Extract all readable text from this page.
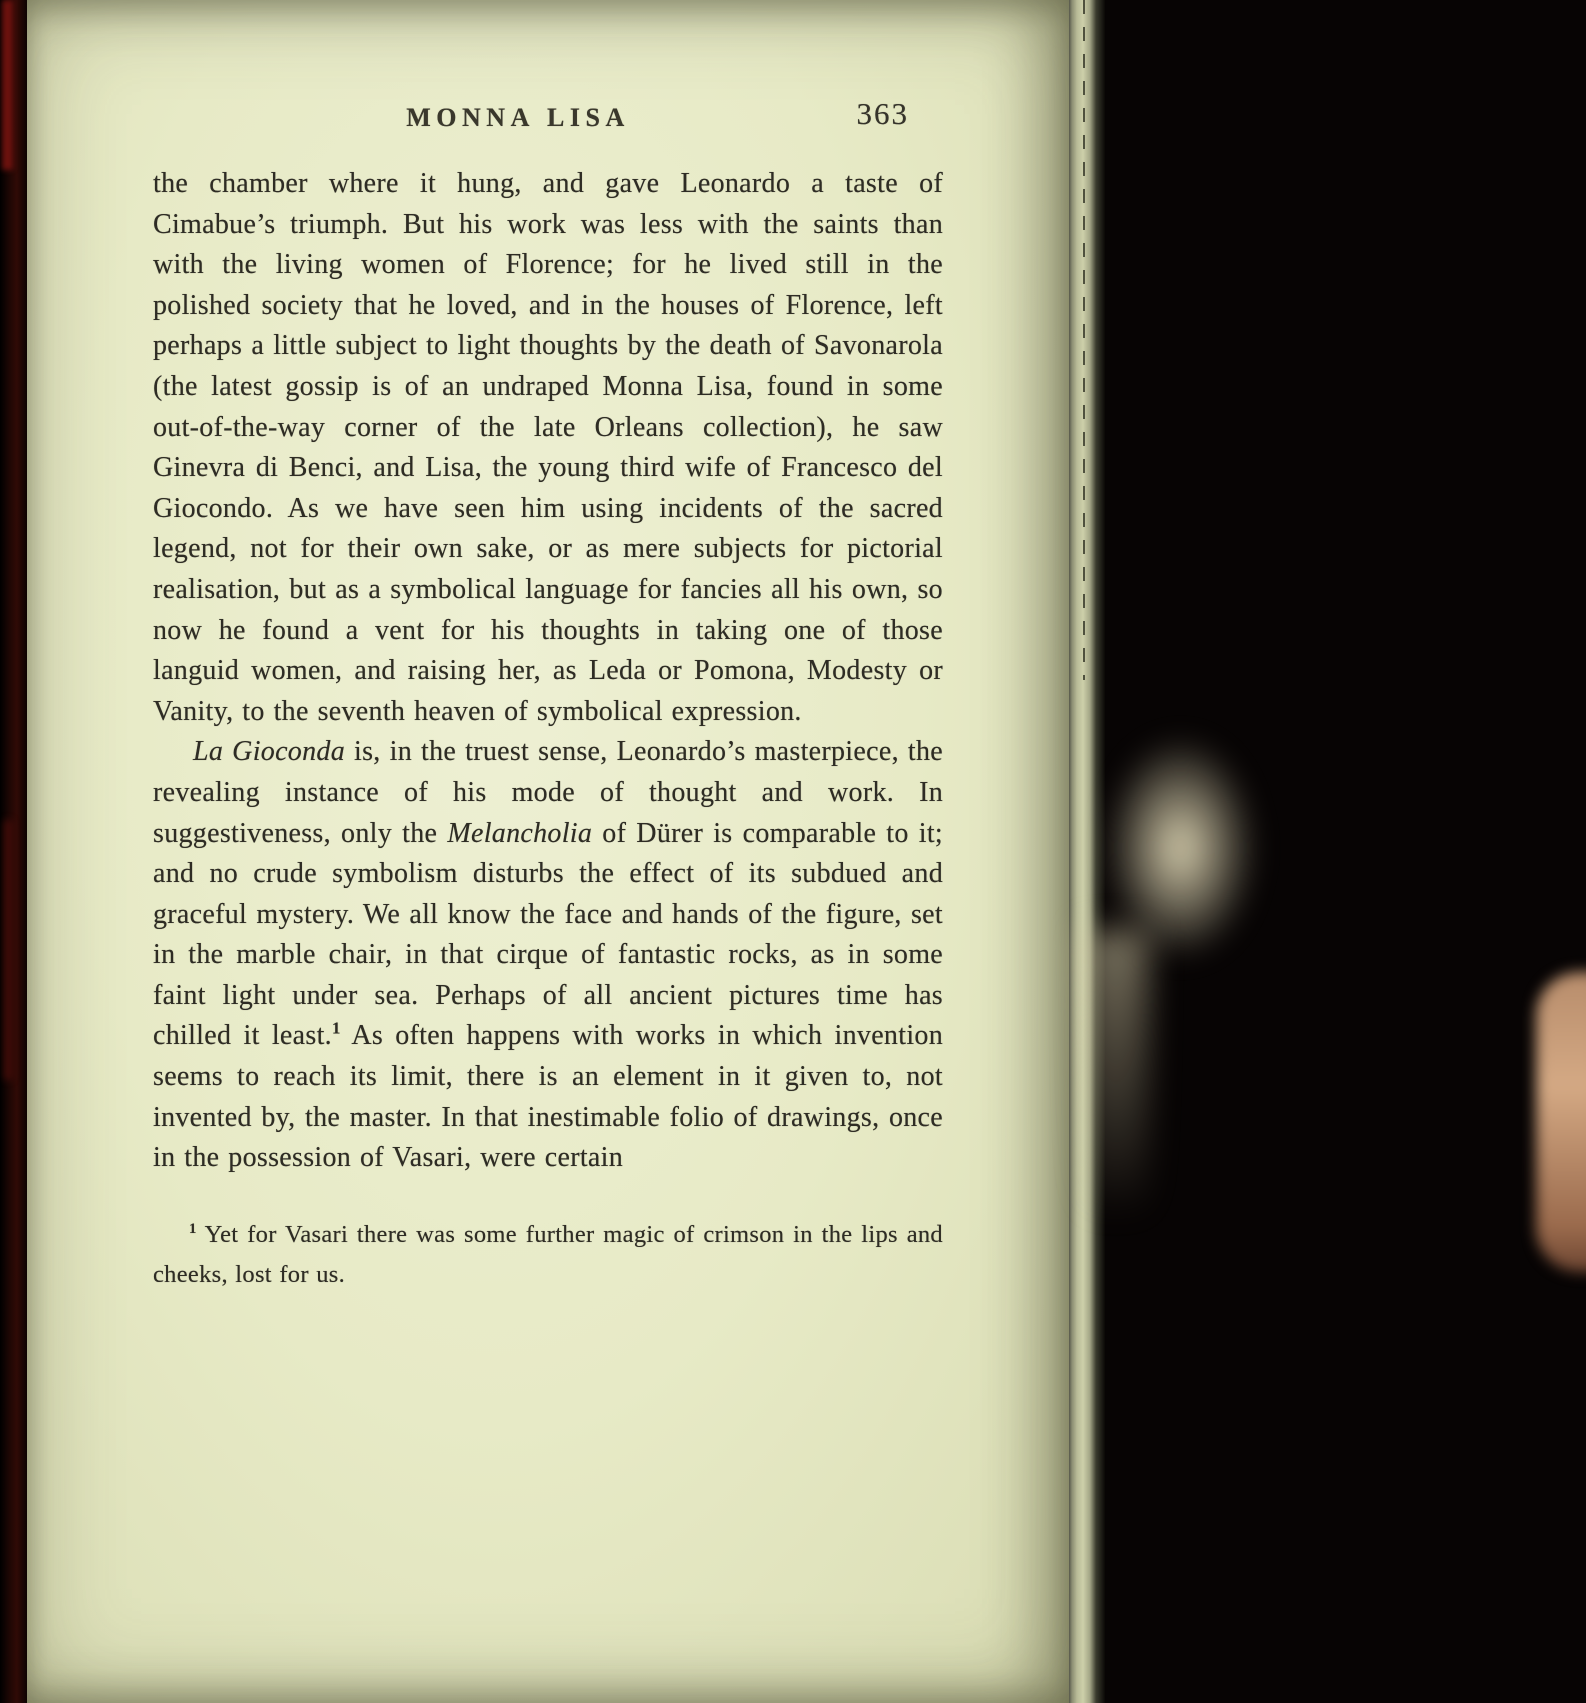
MONNA LISA	363

the chamber where it hung, and gave Leonardo a taste of Cimabue’s triumph. But his work was less with the saints than with the living women of Florence; for he lived still in the polished society that he loved, and in the houses of Florence, left perhaps a little subject to light thoughts by the death of Savonarola (the latest gossip is of an undraped Monna Lisa, found in some out-of-the-way corner of the late Orleans collection), he saw Ginevra di Benci, and Lisa, the young third wife of Francesco del Giocondo. As we have seen him using incidents of the sacred legend, not for their own sake, or as mere subjects for pictorial realisation, but as a symbolical language for fancies all his own, so now he found a vent for his thoughts in taking one of those languid women, and raising her, as Leda or Pomona, Modesty or Vanity, to the seventh heaven of symbolical expression.

La Gioconda is, in the truest sense, Leonardo’s masterpiece, the revealing instance of his mode of thought and work. In suggestiveness, only the Melancholia of Dürer is comparable to it; and no crude symbolism disturbs the effect of its subdued and graceful mystery. We all know the face and hands of the figure, set in the marble chair, in that cirque of fantastic rocks, as in some faint light under sea. Perhaps of all ancient pictures time has chilled it least.$^1$ As often happens with works in which invention seems to reach its limit, there is an element in it given to, not invented by, the master. In that inestimable folio of drawings, once in the possession of Vasari, were certain

$^1$ Yet for Vasari there was some further magic of crimson in the lips and cheeks, lost for us.
